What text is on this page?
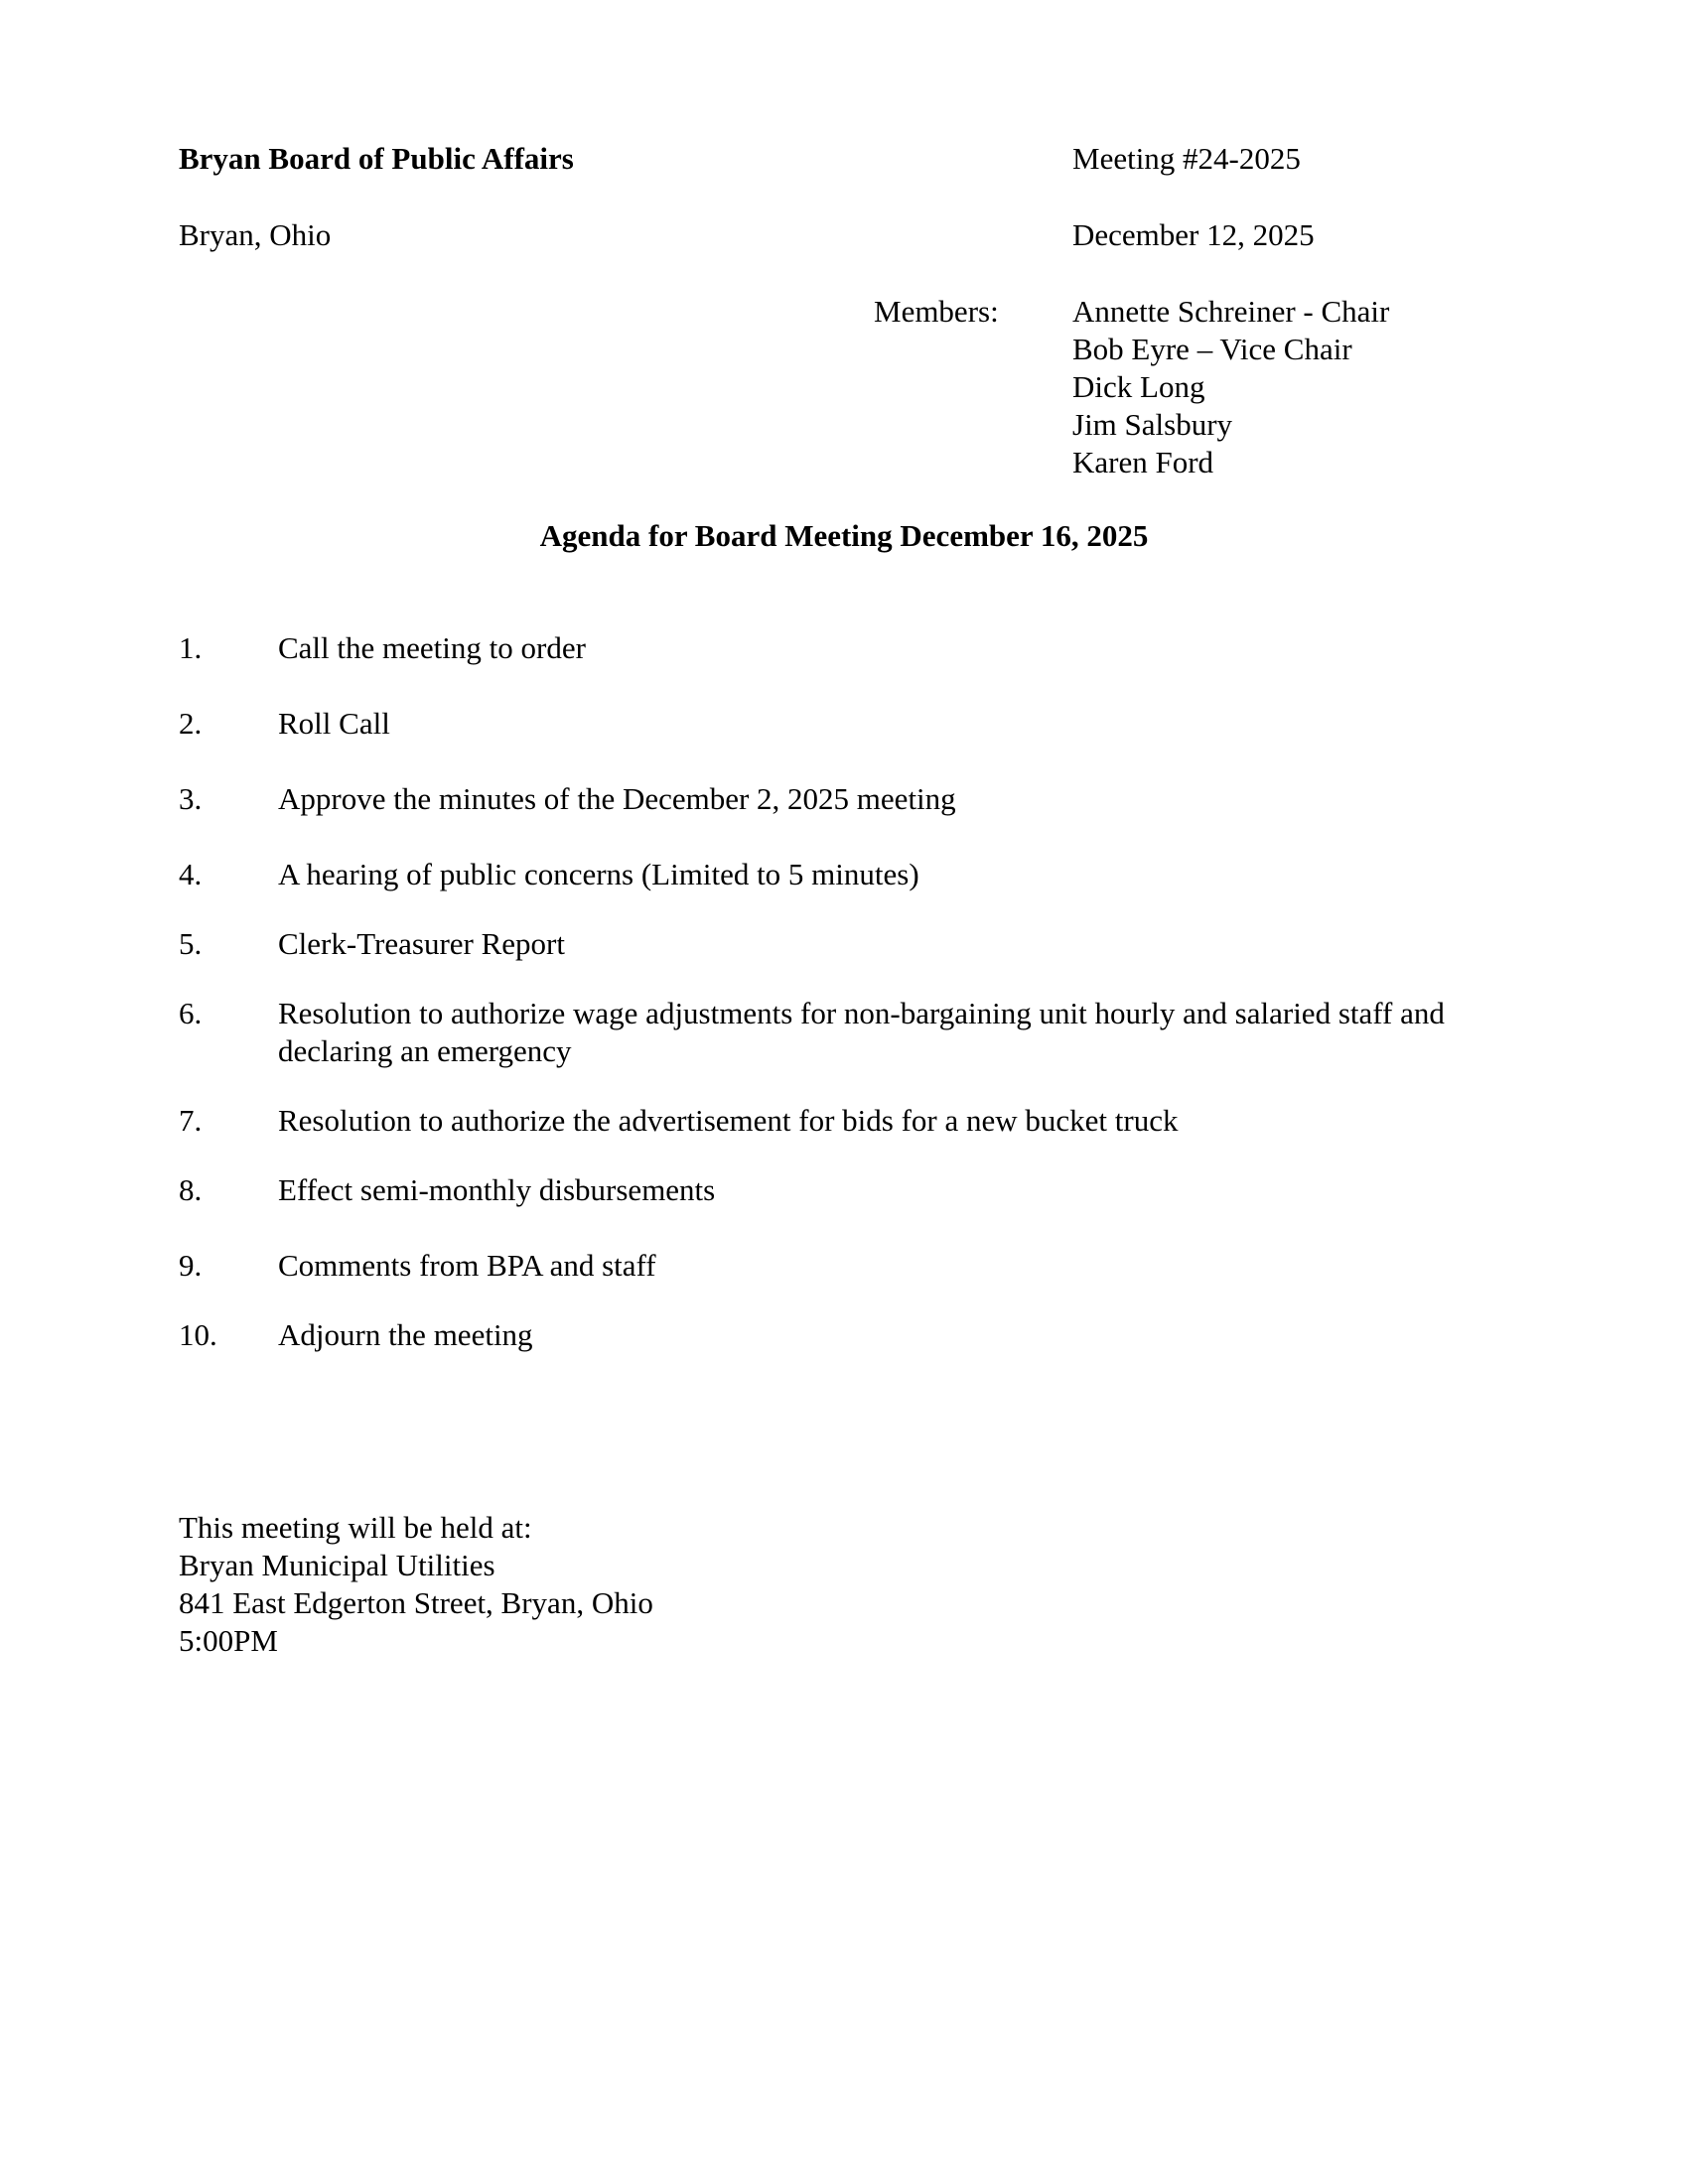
Bryan Board of Public Affairs	Meeting #24-2025
Bryan, Ohio	December 12, 2025
Members: Annette Schreiner - Chair
Bob Eyre – Vice Chair
Dick Long
Jim Salsbury
Karen Ford
Agenda for Board Meeting December 16, 2025
1. Call the meeting to order
2. Roll Call
3. Approve the minutes of the December 2, 2025 meeting
4. A hearing of public concerns (Limited to 5 minutes)
5. Clerk-Treasurer Report
6. Resolution to authorize wage adjustments for non-bargaining unit hourly and salaried staff and declaring an emergency
7. Resolution to authorize the advertisement for bids for a new bucket truck
8. Effect semi-monthly disbursements
9. Comments from BPA and staff
10. Adjourn the meeting
This meeting will be held at:
Bryan Municipal Utilities
841 East Edgerton Street, Bryan, Ohio
5:00PM
